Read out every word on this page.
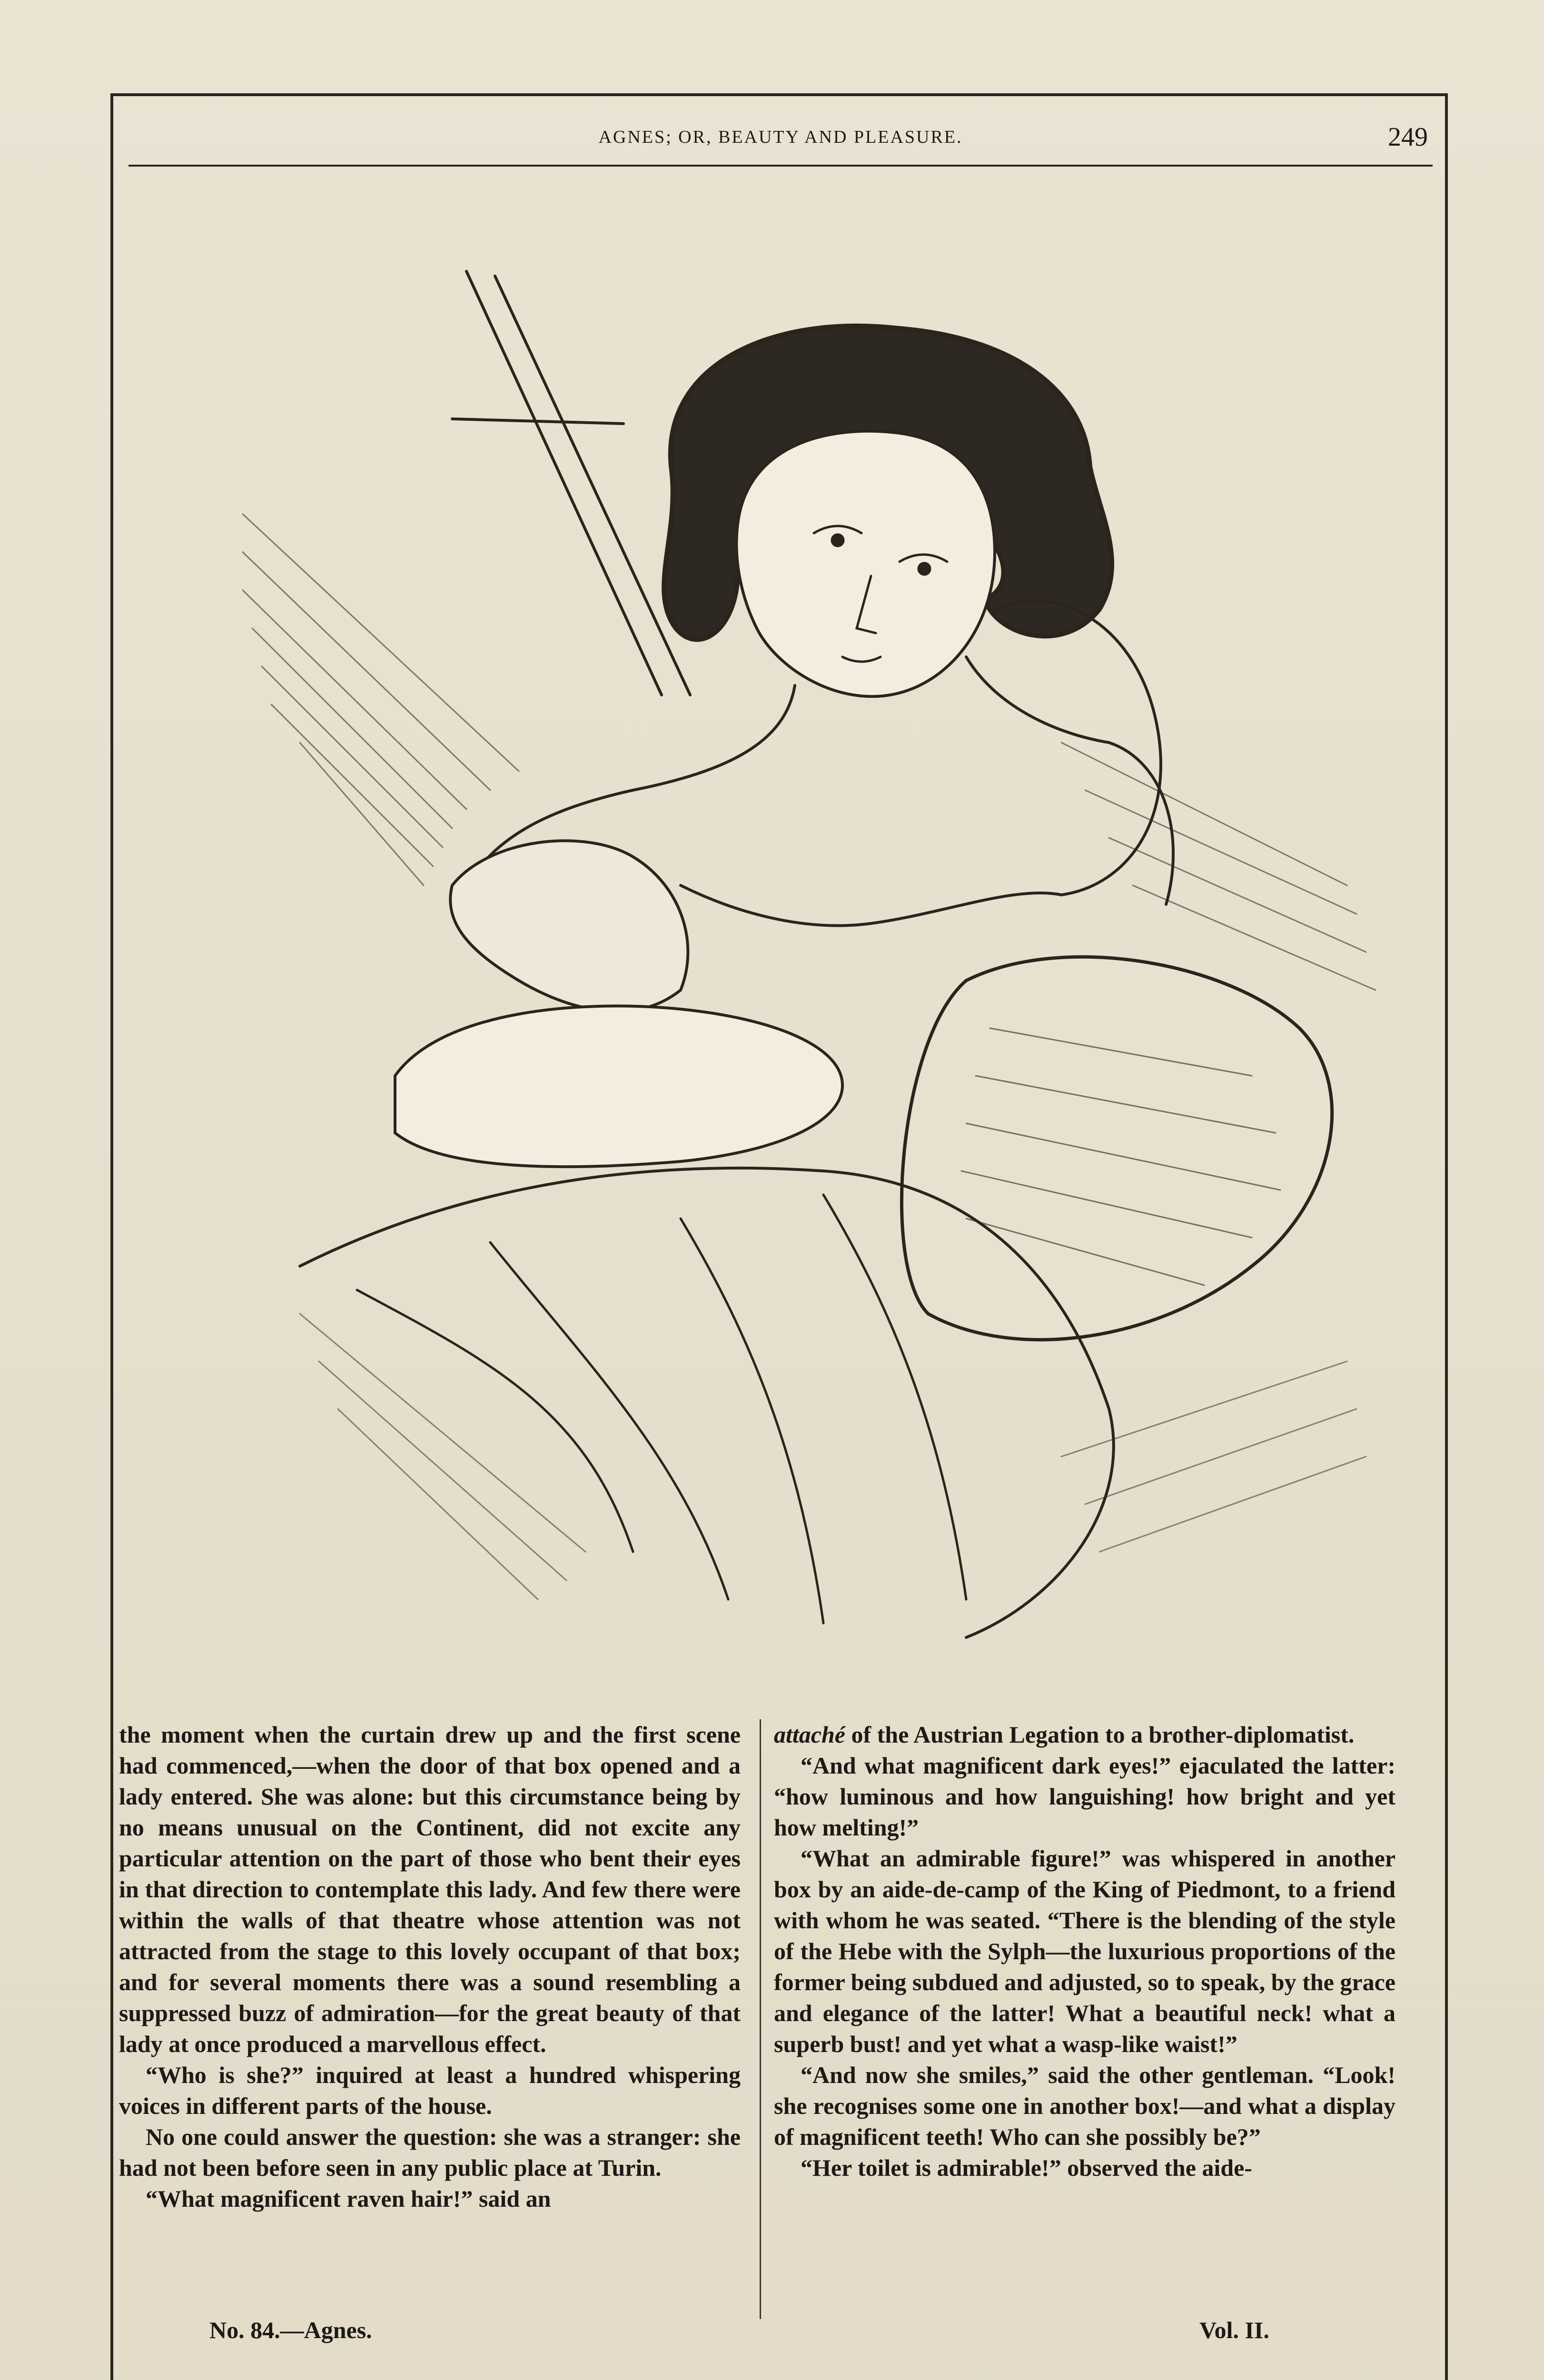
AGNES; OR, BEAUTY AND PLEASURE.	249

the moment when the curtain drew up and the first scene had commenced,—when the door of that box opened and a lady entered. She was alone: but this circumstance being by no means unusual on the Continent, did not excite any particular attention on the part of those who bent their eyes in that direction to contemplate this lady. And few there were within the walls of that theatre whose attention was not attracted from the stage to this lovely occupant of that box; and for several moments there was a sound resembling a suppressed buzz of admiration—for the great beauty of that lady at once produced a marvellous effect.

“Who is she?” inquired at least a hundred whispering voices in different parts of the house.

No one could answer the question: she was a stranger: she had not been before seen in any public place at Turin.

“What magnificent raven hair!” said an

attaché of the Austrian Legation to a brother-diplomatist.

“And what magnificent dark eyes!” ejaculated the latter: “how luminous and how languishing! how bright and yet how melting!”

“What an admirable figure!” was whispered in another box by an aide-de-camp of the King of Piedmont, to a friend with whom he was seated. “There is the blending of the style of the Hebe with the Sylph—the luxurious proportions of the former being subdued and adjusted, so to speak, by the grace and elegance of the latter! What a beautiful neck! what a superb bust! and yet what a wasp-like waist!”

“And now she smiles,” said the other gentleman. “Look! she recognises some one in another box!—and what a display of magnificent teeth! Who can she possibly be?”

“Her toilet is admirable!” observed the aide-

No. 84.—Agnes.	Vol. II.
